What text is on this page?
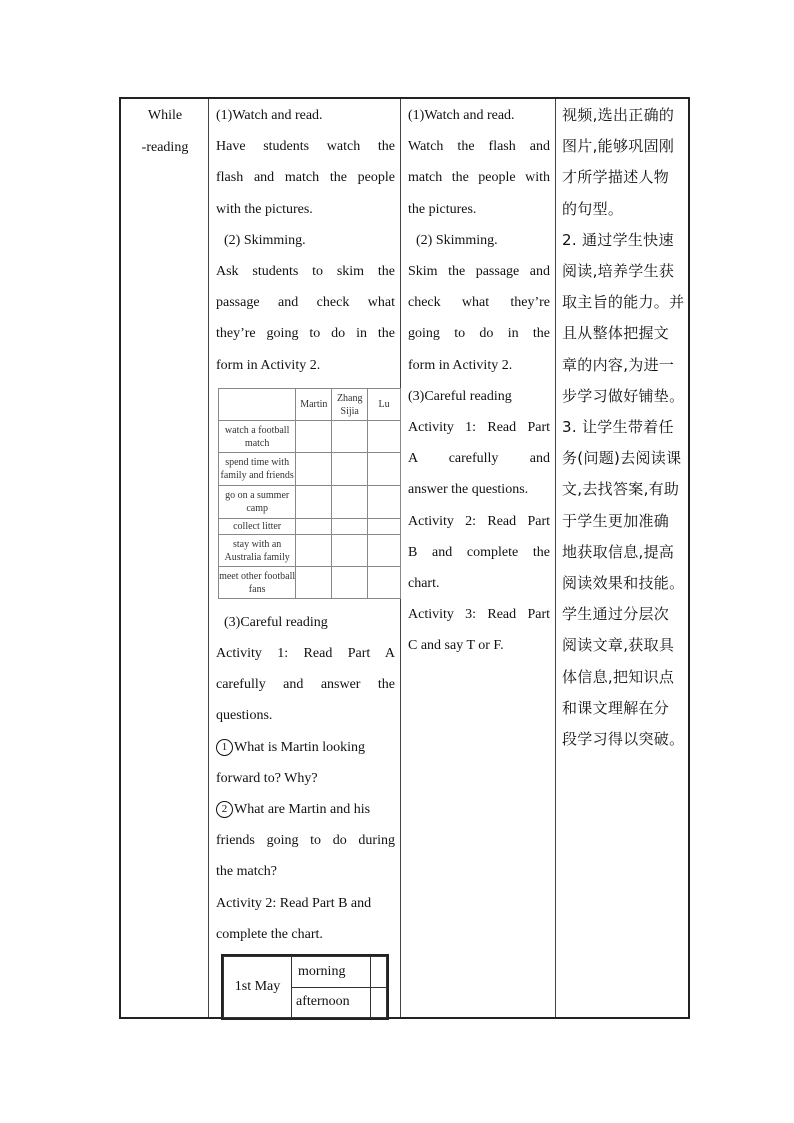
While
-reading
(1)Watch and read.
Have students watch the
flash and match the people
with the pictures.
(2) Skimming.
Ask students to skim the
passage and check what
they’re going to do in the
form in Activity 2.
(3)Careful reading
Activity 1: Read Part A
carefully and answer the
questions.
1 What is Martin looking
forward to? Why?
2 What are Martin and his
friends going to do during
the match?
Activity 2: Read Part B and
complete the chart.
	Martin	Zhang Sijia	Lu
watch a football match			
spend time with family and friends			
go on a summer camp			
collect litter			
stay with an Australia family			
meet other football fans			
1st May	morning	
	afternoon	
(1)Watch and read.
Watch the flash and
match the people with
the pictures.
(2) Skimming.
Skim the passage and
check what they’re
going to do in the
form in Activity 2.
(3)Careful reading
Activity 1: Read Part
A carefully and
answer the questions.
Activity 2: Read Part
B and complete the
chart.
Activity 3: Read Part
C and say T or F.
视频,选出正确的
图片,能够巩固刚
才所学描述人物
的句型。
2. 通过学生快速
阅读,培养学生获
取主旨的能力。并
且从整体把握文
章的内容,为进一
步学习做好铺垫。
3. 让学生带着任
务(问题)去阅读课
文,去找答案,有助
于学生更加准确
地获取信息,提高
阅读效果和技能。
学生通过分层次
阅读文章,获取具
体信息,把知识点
和课文理解在分
段学习得以突破。
